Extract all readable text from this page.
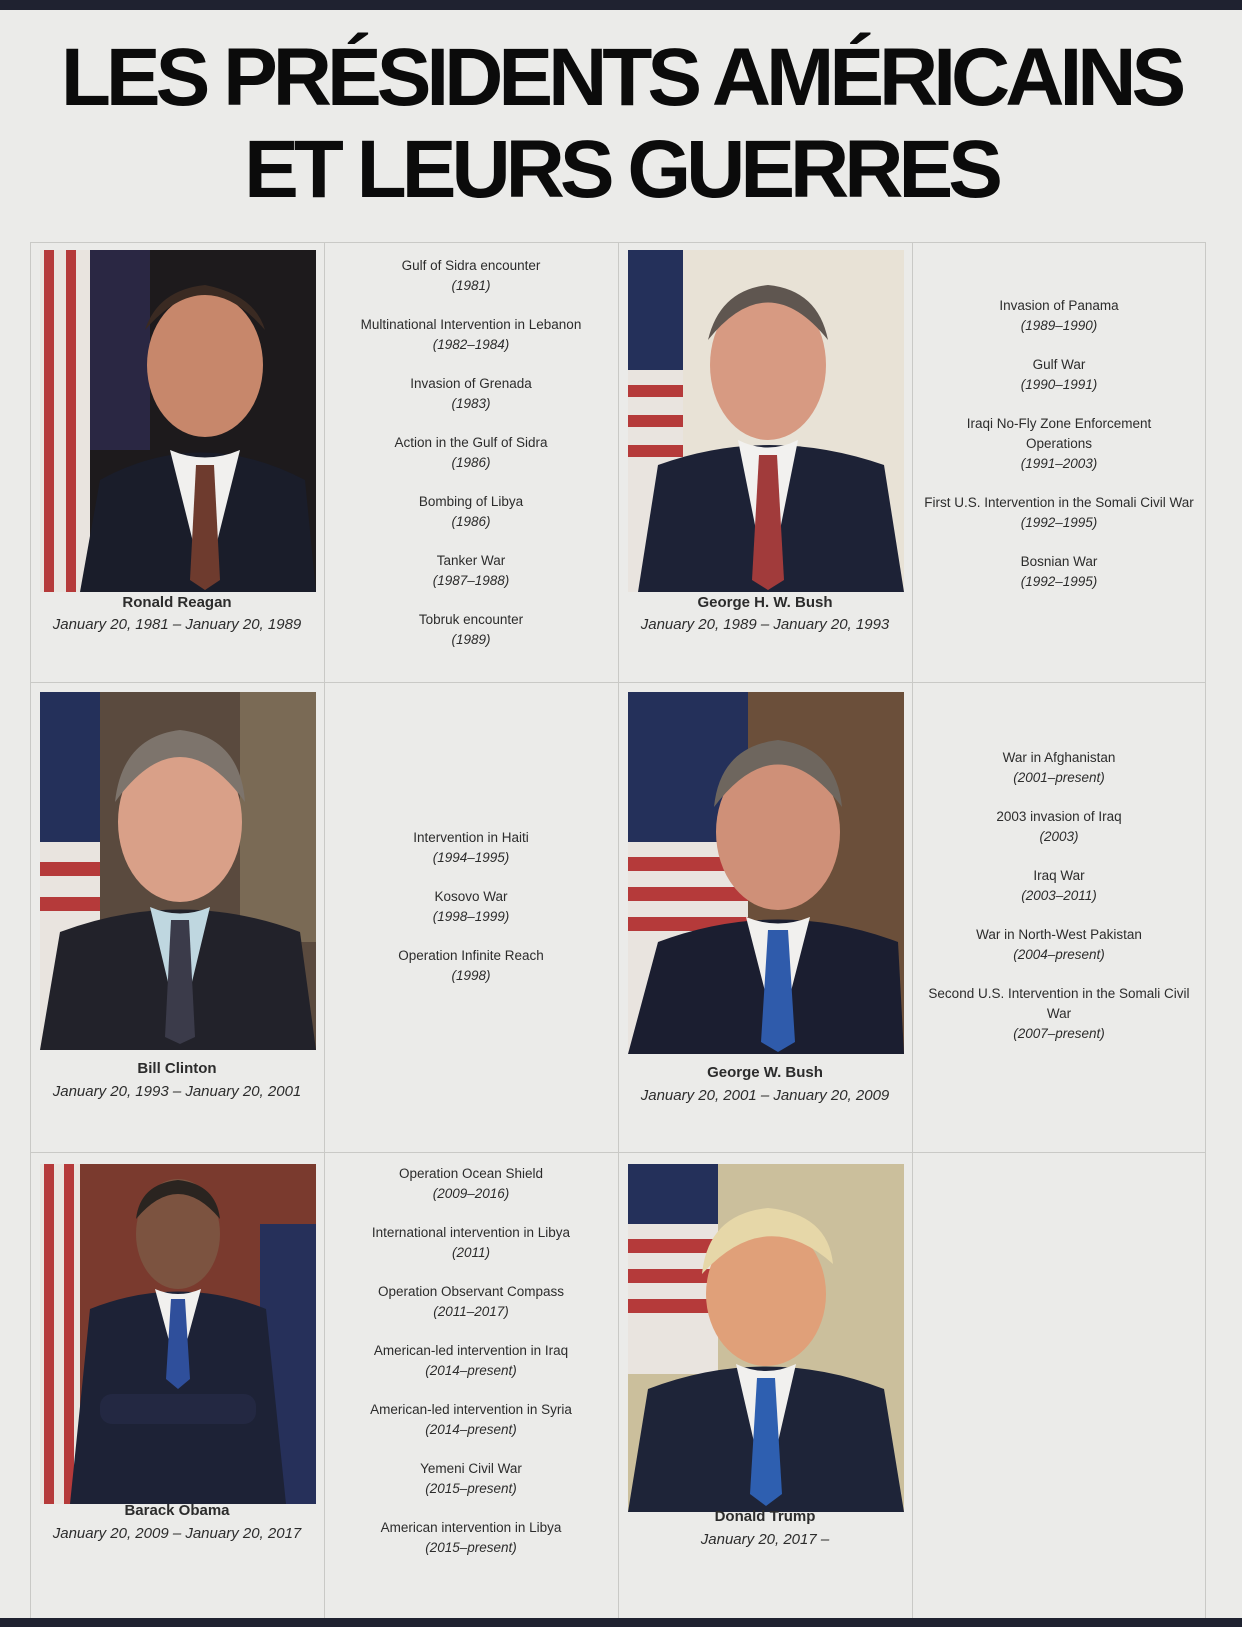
LES PRÉSIDENTS AMÉRICAINS
ET LEURS GUERRES
Ronald Reagan
January 20, 1981 – January 20, 1989
Gulf of Sidra encounter
(1981)
Multinational Intervention in Lebanon
(1982–1984)
Invasion of Grenada
(1983)
Action in the Gulf of Sidra
(1986)
Bombing of Libya
(1986)
Tanker War
(1987–1988)
Tobruk encounter
(1989)
George H. W. Bush
January 20, 1989 – January 20, 1993
Invasion of Panama
(1989–1990)
Gulf War
(1990–1991)
Iraqi No-Fly Zone Enforcement Operations
(1991–2003)
First U.S. Intervention in the Somali Civil War
(1992–1995)
Bosnian War
(1992–1995)
Bill Clinton
January 20, 1993 – January 20, 2001
Intervention in Haiti
(1994–1995)
Kosovo War
(1998–1999)
Operation Infinite Reach
(1998)
George W. Bush
January 20, 2001 – January 20, 2009
War in Afghanistan
(2001–present)
2003 invasion of Iraq
(2003)
Iraq War
(2003–2011)
War in North-West Pakistan
(2004–present)
Second U.S. Intervention in the Somali Civil War
(2007–present)
Barack Obama
January 20, 2009 – January 20, 2017
Operation Ocean Shield
(2009–2016)
International intervention in Libya
(2011)
Operation Observant Compass
(2011–2017)
American-led intervention in Iraq
(2014–present)
American-led intervention in Syria
(2014–present)
Yemeni Civil War
(2015–present)
American intervention in Libya
(2015–present)
Donald Trump
January 20, 2017 –
